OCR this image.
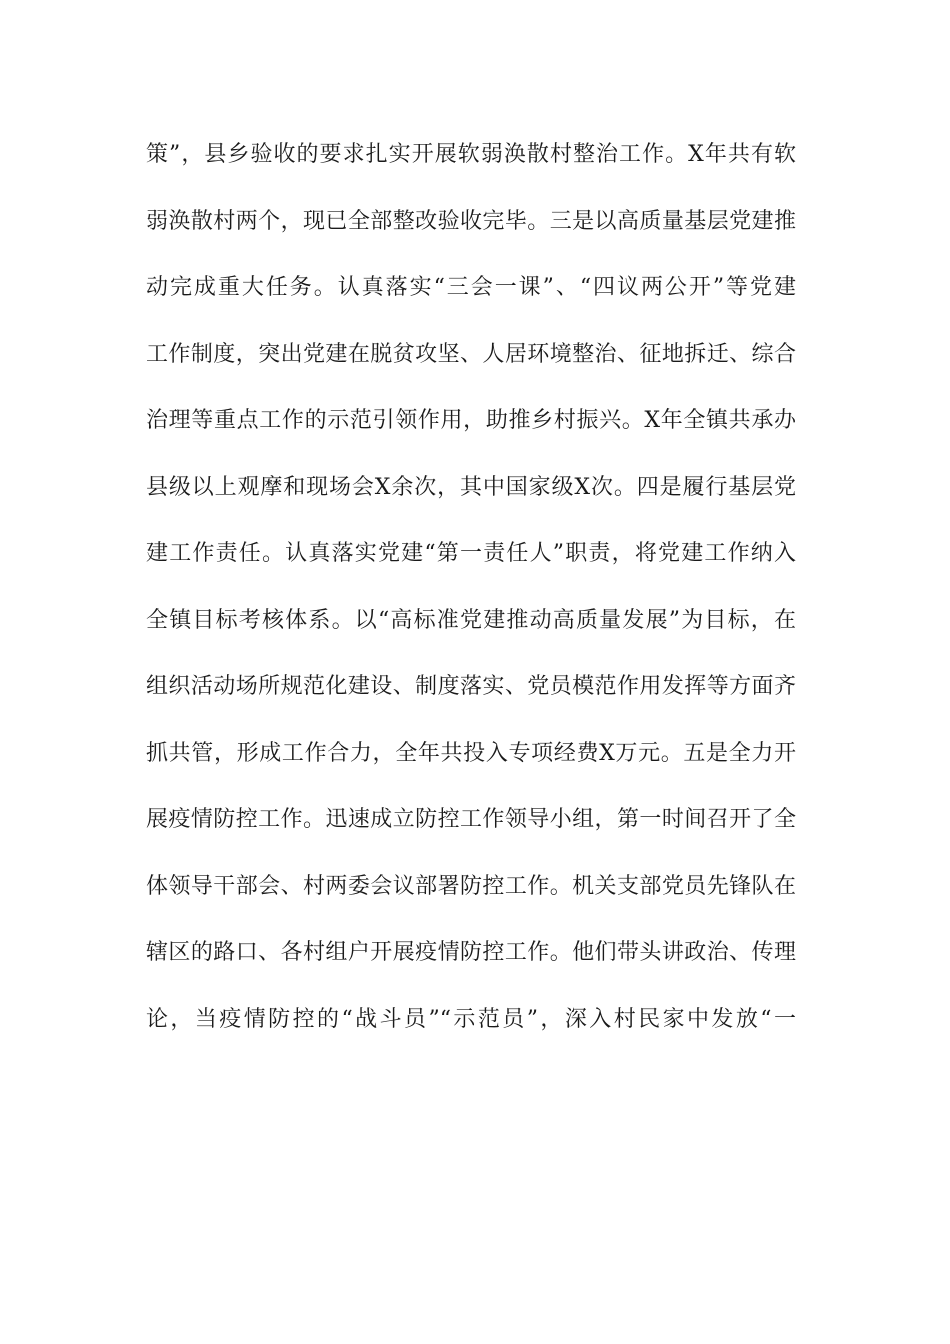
策”，县乡验收的要求扎实开展软弱涣散村整治工作。X年共有软
弱涣散村两个，现已全部整改验收完毕。三是以高质量基层党建推
动完成重大任务。认真落实“三会一课”、“四议两公开”等党建
工作制度，突出党建在脱贫攻坚、人居环境整治、征地拆迁、综合
治理等重点工作的示范引领作用，助推乡村振兴。X年全镇共承办
县级以上观摩和现场会X余次，其中国家级X次。四是履行基层党
建工作责任。认真落实党建“第一责任人”职责，将党建工作纳入
全镇目标考核体系。以“高标准党建推动高质量发展”为目标，在
组织活动场所规范化建设、制度落实、党员模范作用发挥等方面齐
抓共管，形成工作合力，全年共投入专项经费X万元。五是全力开
展疫情防控工作。迅速成立防控工作领导小组，第一时间召开了全
体领导干部会、村两委会议部署防控工作。机关支部党员先锋队在
辖区的路口、各村组户开展疫情防控工作。他们带头讲政治、传理
论，当疫情防控的“战斗员”“示范员”，深入村民家中发放“一
